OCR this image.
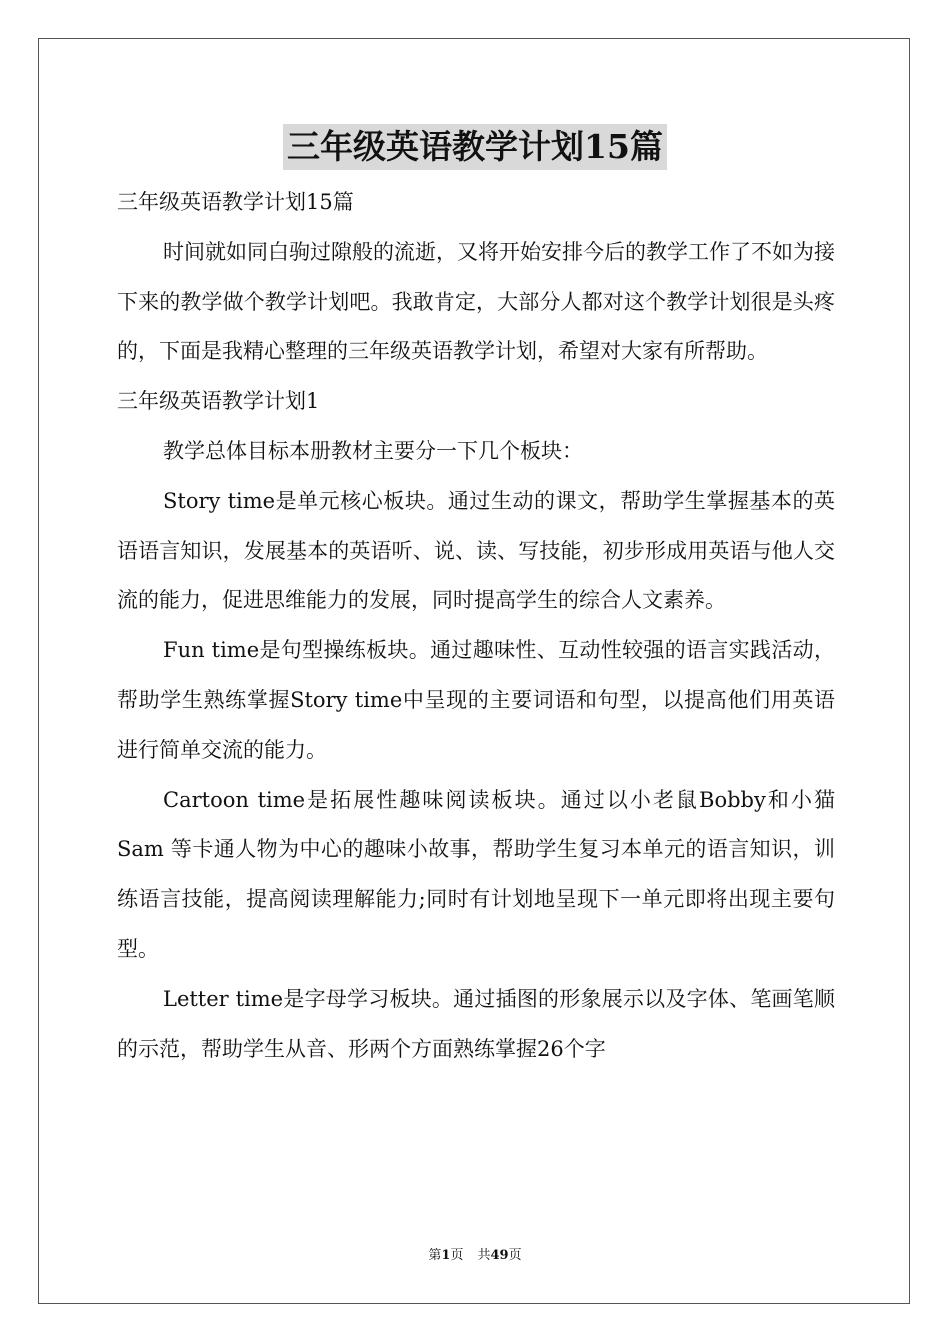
三年级英语教学计划15篇

三年级英语教学计划15篇

时间就如同白驹过隙般的流逝，又将开始安排今后的教学工作了不如为接下来的教学做个教学计划吧。我敢肯定，大部分人都对这个教学计划很是头疼的，下面是我精心整理的三年级英语教学计划，希望对大家有所帮助。

三年级英语教学计划1

教学总体目标本册教材主要分一下几个板块：

Story time是单元核心板块。通过生动的课文，帮助学生掌握基本的英语语言知识，发展基本的英语听、说、读、写技能，初步形成用英语与他人交流的能力，促进思维能力的发展，同时提高学生的综合人文素养。

Fun time是句型操练板块。通过趣味性、互动性较强的语言实践活动，帮助学生熟练掌握Story time中呈现的主要词语和句型，以提高他们用英语进行简单交流的能力。

Cartoon time是拓展性趣味阅读板块。通过以小老鼠Bobby和小猫Sam 等卡通人物为中心的趣味小故事，帮助学生复习本单元的语言知识，训练语言技能，提高阅读理解能力;同时有计划地呈现下一单元即将出现主要句型。

Letter time是字母学习板块。通过插图的形象展示以及字体、笔画笔顺的示范，帮助学生从音、形两个方面熟练掌握26个字

第1页 共49页
